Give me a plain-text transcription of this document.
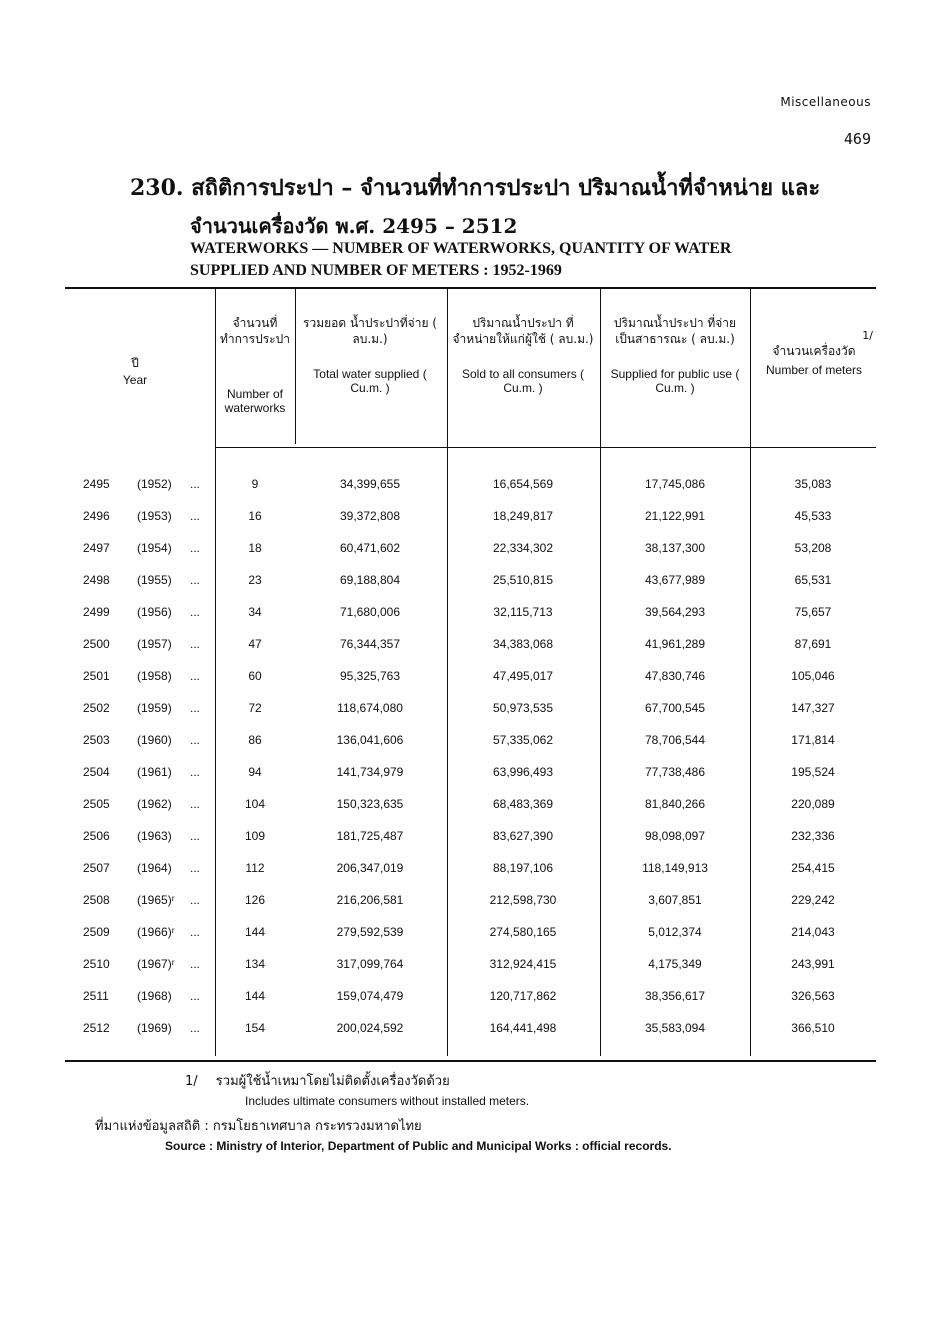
Miscellaneous
469
230. สถิติการประปา – จำนวนที่ทำการประปา ปริมาณน้ำที่จำหน่าย และ
จำนวนเครื่องวัด พ.ศ. 2495 – 2512
WATERWORKS — NUMBER OF WATERWORKS, QUANTITY OF WATER
SUPPLIED AND NUMBER OF METERS : 1952-1969
ปี
Year
จำนวนที่ ทำการประปา
Number of waterworks
รวมยอด น้ำประปาที่จ่าย ( ลบ.ม.)
Total water supplied ( Cu.m. )
ปริมาณน้ำประปา ที่จำหน่ายให้แก่ผู้ใช้ ( ลบ.ม.)
Sold to all consumers ( Cu.m. )
ปริมาณน้ำประปา ที่จ่ายเป็นสาธารณะ ( ลบ.ม.)
Supplied for public use ( Cu.m. )
1/
จำนวนเครื่องวัด
Number of meters
2495 (1952) ...	9	34,399,655	16,654,569	17,745,086	35,083
2496 (1953) ...	16	39,372,808	18,249,817	21,122,991	45,533
2497 (1954) ...	18	60,471,602	22,334,302	38,137,300	53,208
2498 (1955) ...	23	69,188,804	25,510,815	43,677,989	65,531
2499 (1956) ...	34	71,680,006	32,115,713	39,564,293	75,657
2500 (1957) ...	47	76,344,357	34,383,068	41,961,289	87,691
2501 (1958) ...	60	95,325,763	47,495,017	47,830,746	105,046
2502 (1959) ...	72	118,674,080	50,973,535	67,700,545	147,327
2503 (1960) ...	86	136,041,606	57,335,062	78,706,544	171,814
2504 (1961) ...	94	141,734,979	63,996,493	77,738,486	195,524
2505 (1962) ...	104	150,323,635	68,483,369	81,840,266	220,089
2506 (1963) ...	109	181,725,487	83,627,390	98,098,097	232,336
2507 (1964) ...	112	206,347,019	88,197,106	118,149,913	254,415
2508 (1965)ʳ ...	126	216,206,581	212,598,730	3,607,851	229,242
2509 (1966)ʳ ...	144	279,592,539	274,580,165	5,012,374	214,043
2510 (1967)ʳ ...	134	317,099,764	312,924,415	4,175,349	243,991
2511 (1968) ...	144	159,074,479	120,717,862	38,356,617	326,563
2512 (1969) ...	154	200,024,592	164,441,498	35,583,094	366,510
1/ รวมผู้ใช้น้ำเหมาโดยไม่ติดตั้งเครื่องวัดด้วย
Includes ultimate consumers without installed meters.
ที่มาแห่งข้อมูลสถิติ : กรมโยธาเทศบาล กระทรวงมหาดไทย
Source : Ministry of Interior, Department of Public and Municipal Works : official records.
